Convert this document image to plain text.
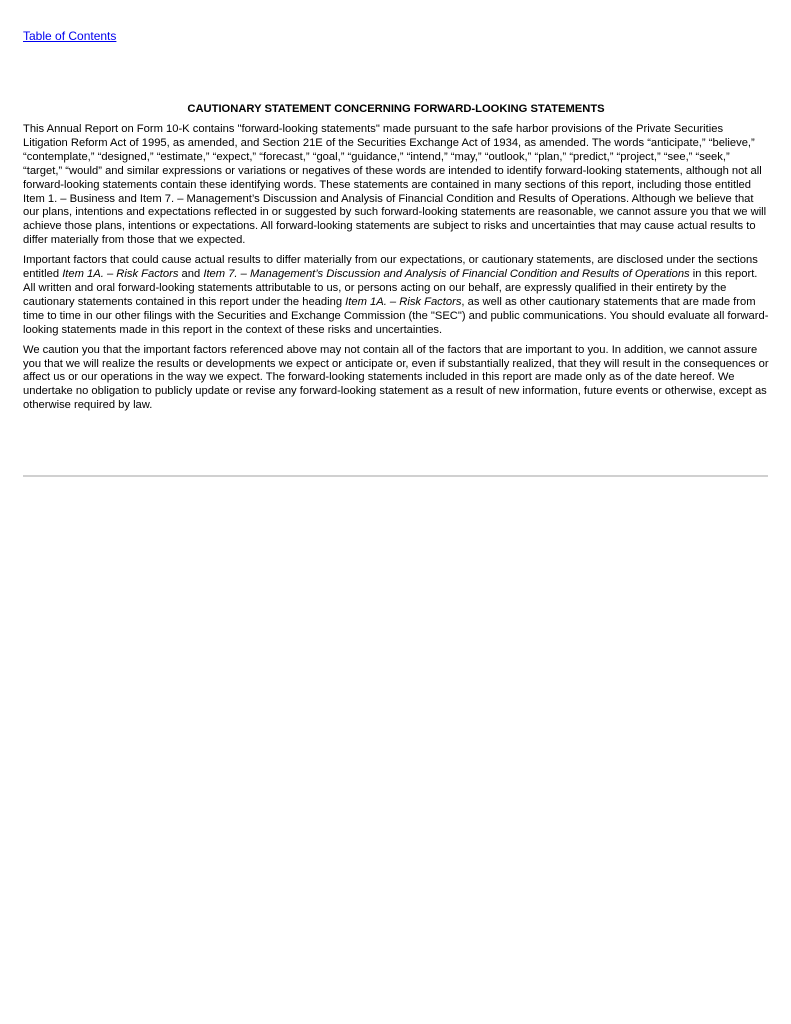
Table of Contents
CAUTIONARY STATEMENT CONCERNING FORWARD-LOOKING STATEMENTS

This Annual Report on Form 10-K contains "forward-looking statements" made pursuant to the safe harbor provisions of the Private Securities Litigation Reform Act of 1995, as amended, and Section 21E of the Securities Exchange Act of 1934, as amended. The words “anticipate,” “believe,” “contemplate,” “designed,” “estimate,” “expect,” “forecast,” “goal,” “guidance,” “intend,” “may,” “outlook,” “plan,” “predict,” “project,” “see,” “seek,” “target,” “would” and similar expressions or variations or negatives of these words are intended to identify forward-looking statements, although not all forward-looking statements contain these identifying words. These statements are contained in many sections of this report, including those entitled Item 1. – Business and Item 7. – Management’s Discussion and Analysis of Financial Condition and Results of Operations. Although we believe that our plans, intentions and expectations reflected in or suggested by such forward-looking statements are reasonable, we cannot assure you that we will achieve those plans, intentions or expectations. All forward-looking statements are subject to risks and uncertainties that may cause actual results to differ materially from those that we expected.

Important factors that could cause actual results to differ materially from our expectations, or cautionary statements, are disclosed under the sections entitled Item 1A. – Risk Factors and Item 7. – Management’s Discussion and Analysis of Financial Condition and Results of Operations in this report. All written and oral forward-looking statements attributable to us, or persons acting on our behalf, are expressly qualified in their entirety by the cautionary statements contained in this report under the heading Item 1A. – Risk Factors, as well as other cautionary statements that are made from time to time in our other filings with the Securities and Exchange Commission (the "SEC") and public communications. You should evaluate all forward-looking statements made in this report in the context of these risks and uncertainties.

We caution you that the important factors referenced above may not contain all of the factors that are important to you. In addition, we cannot assure you that we will realize the results or developments we expect or anticipate or, even if substantially realized, that they will result in the consequences or affect us or our operations in the way we expect. The forward-looking statements included in this report are made only as of the date hereof. We undertake no obligation to publicly update or revise any forward-looking statement as a result of new information, future events or otherwise, except as otherwise required by law.
